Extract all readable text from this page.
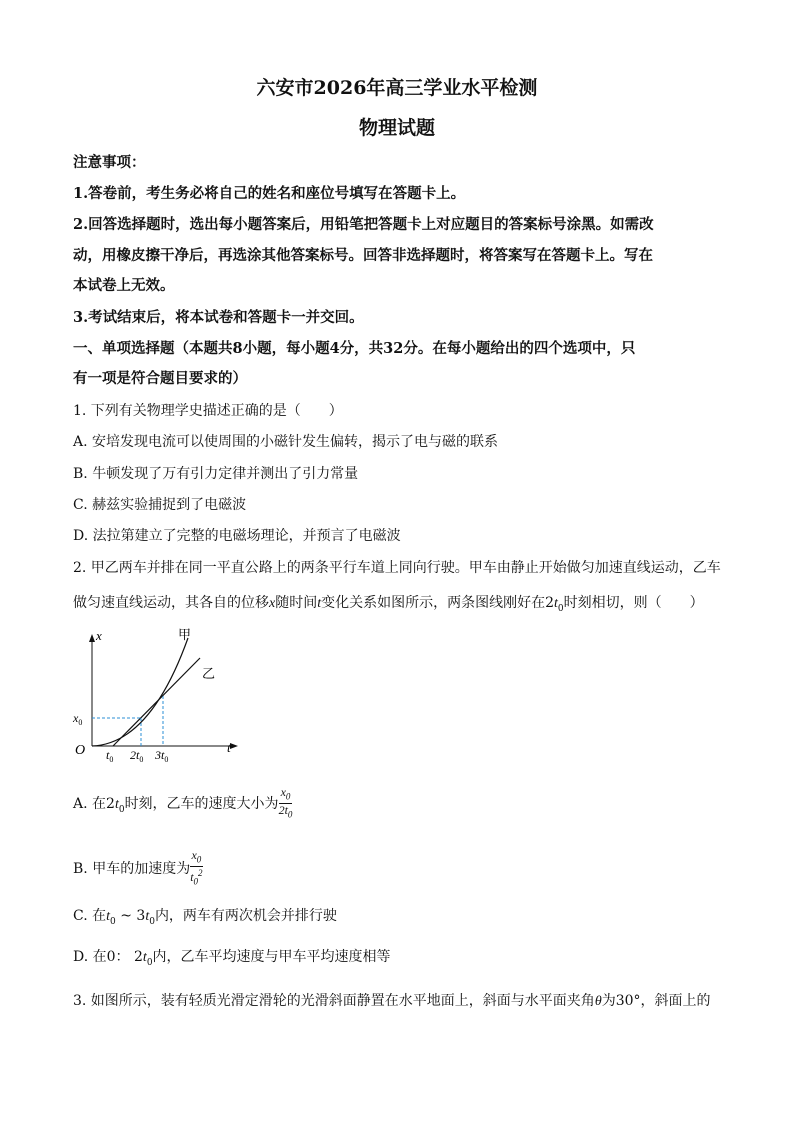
六安市2026年高三学业水平检测
物理试题
注意事项：
1.答卷前，考生务必将自己的姓名和座位号填写在答题卡上。
2.回答选择题时，选出每小题答案后，用铅笔把答题卡上对应题目的答案标号涂黑。如需改
动，用橡皮擦干净后，再选涂其他答案标号。回答非选择题时，将答案写在答题卡上。写在
本试卷上无效。
3.考试结束后，将本试卷和答题卡一并交回。
一、单项选择题（本题共8小题，每小题4分，共32分。在每小题给出的四个选项中，只
有一项是符合题目要求的）
1. 下列有关物理学史描述正确的是（　　）
A. 安培发现电流可以使周围的小磁针发生偏转，揭示了电与磁的联系
B. 牛顿发现了万有引力定律并测出了引力常量
C. 赫兹实验捕捉到了电磁波
D. 法拉第建立了完整的电磁场理论，并预言了电磁波
2. 甲乙两车并排在同一平直公路上的两条平行车道上同向行驶。甲车由静止开始做匀加速直线运动，乙车
做匀速直线运动，其各自的位移x随时间t变化关系如图所示，两条图线刚好在$2t_0$时刻相切，则（　　）
x
t
O
甲
乙
$x_0$
$t_0$ $2t_0$ $3t_0$
A. 在$2t_0$时刻，乙车的速度大小为 $\frac{x_0}{2t_0}$
B. 甲车的加速度为 $\frac{x_0}{t_0^2}$
C. 在$t_0$ ~ $3t_0$内，两车有两次机会并排行驶
D. 在0： $2t_0$内，乙车平均速度与甲车平均速度相等
3. 如图所示，装有轻质光滑定滑轮的光滑斜面静置在水平地面上，斜面与水平面夹角θ为30°，斜面上的
